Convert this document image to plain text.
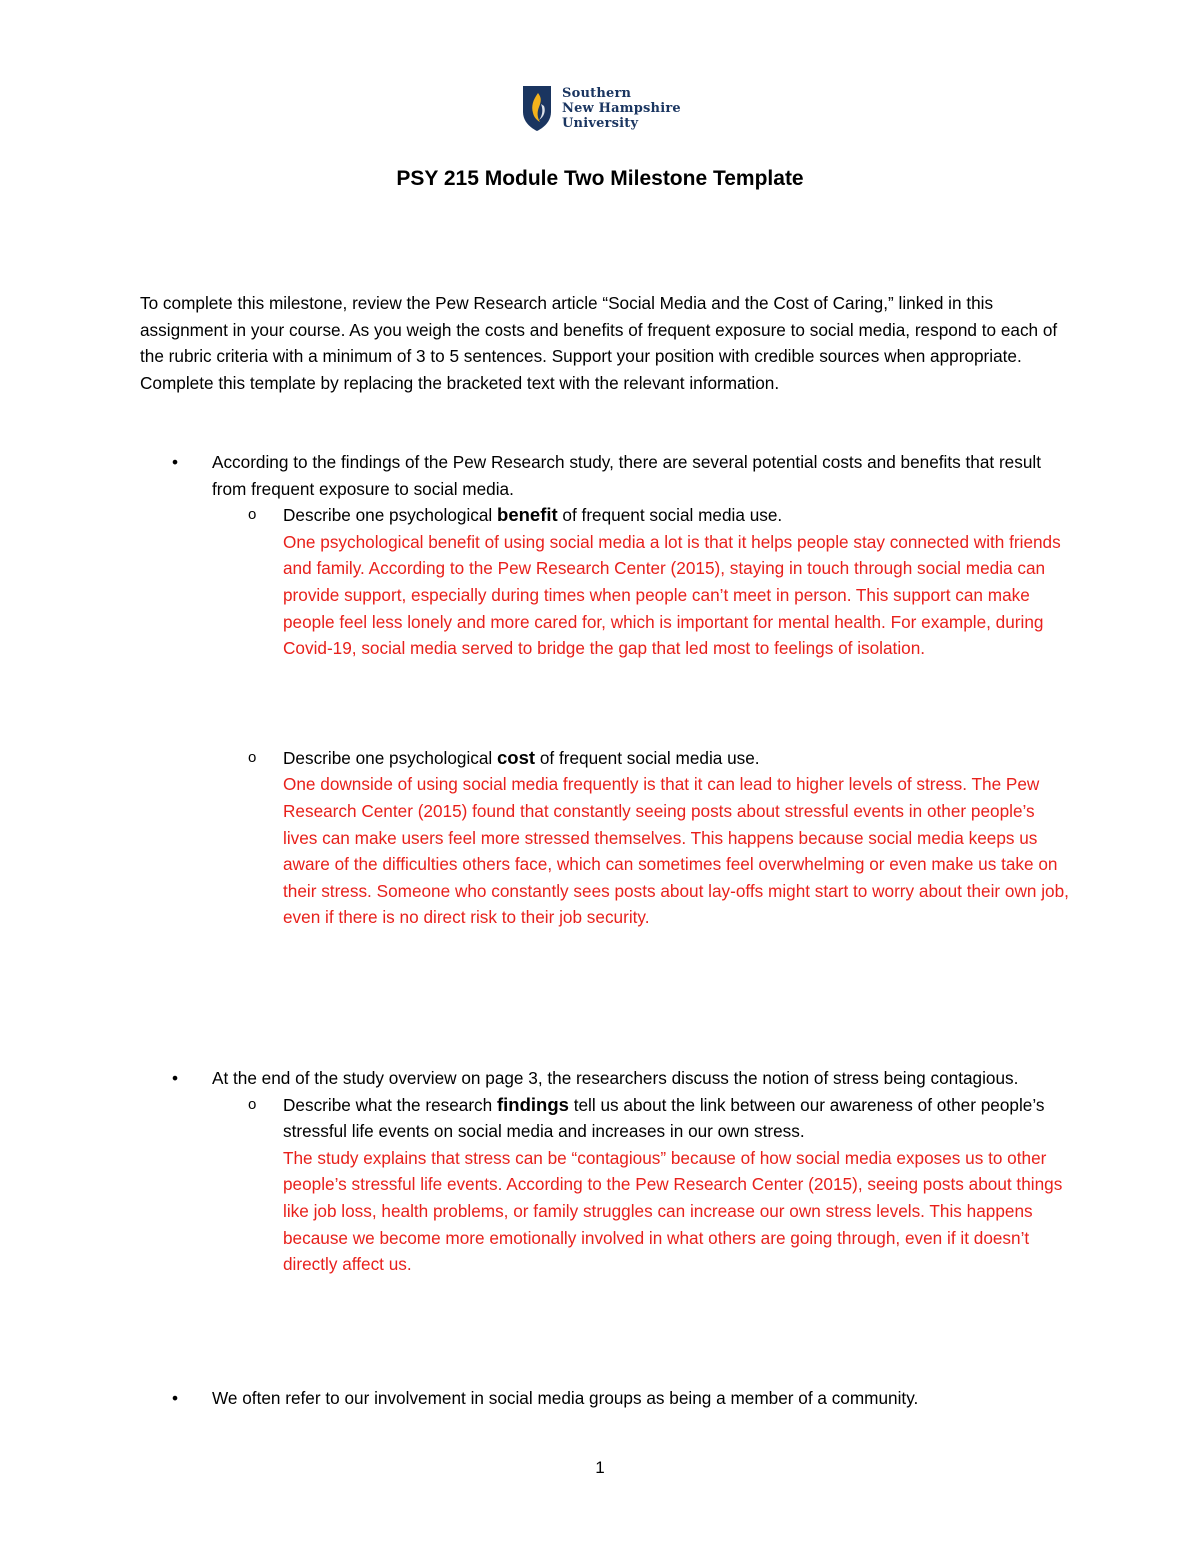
Southern
New Hampshire
University
PSY 215 Module Two Milestone Template

To complete this milestone, review the Pew Research article “Social Media and the Cost of Caring,” linked in this assignment in your course. As you weigh the costs and benefits of frequent exposure to social media, respond to each of the rubric criteria with a minimum of 3 to 5 sentences. Support your position with credible sources when appropriate. Complete this template by replacing the bracketed text with the relevant information.

•	According to the findings of the Pew Research study, there are several potential costs and benefits that result from frequent exposure to social media.
o	Describe one psychological benefit of frequent social media use.

One psychological benefit of using social media a lot is that it helps people stay connected with friends and family. According to the Pew Research Center (2015), staying in touch through social media can provide support, especially during times when people can’t meet in person. This support can make people feel less lonely and more cared for, which is important for mental health. For example, during Covid-19, social media served to bridge the gap that led most to feelings of isolation.

o	Describe one psychological cost of frequent social media use.

One downside of using social media frequently is that it can lead to higher levels of stress. The Pew Research Center (2015) found that constantly seeing posts about stressful events in other people’s lives can make users feel more stressed themselves. This happens because social media keeps us aware of the difficulties others face, which can sometimes feel overwhelming or even make us take on their stress. Someone who constantly sees posts about lay-offs might start to worry about their own job, even if there is no direct risk to their job security.

•	At the end of the study overview on page 3, the researchers discuss the notion of stress being contagious.
o	Describe what the research findings tell us about the link between our awareness of other people’s stressful life events on social media and increases in our own stress.

The study explains that stress can be “contagious” because of how social media exposes us to other people’s stressful life events. According to the Pew Research Center (2015), seeing posts about things like job loss, health problems, or family struggles can increase our own stress levels. This happens because we become more emotionally involved in what others are going through, even if it doesn’t directly affect us.

•	We often refer to our involvement in social media groups as being a member of a community.
1
